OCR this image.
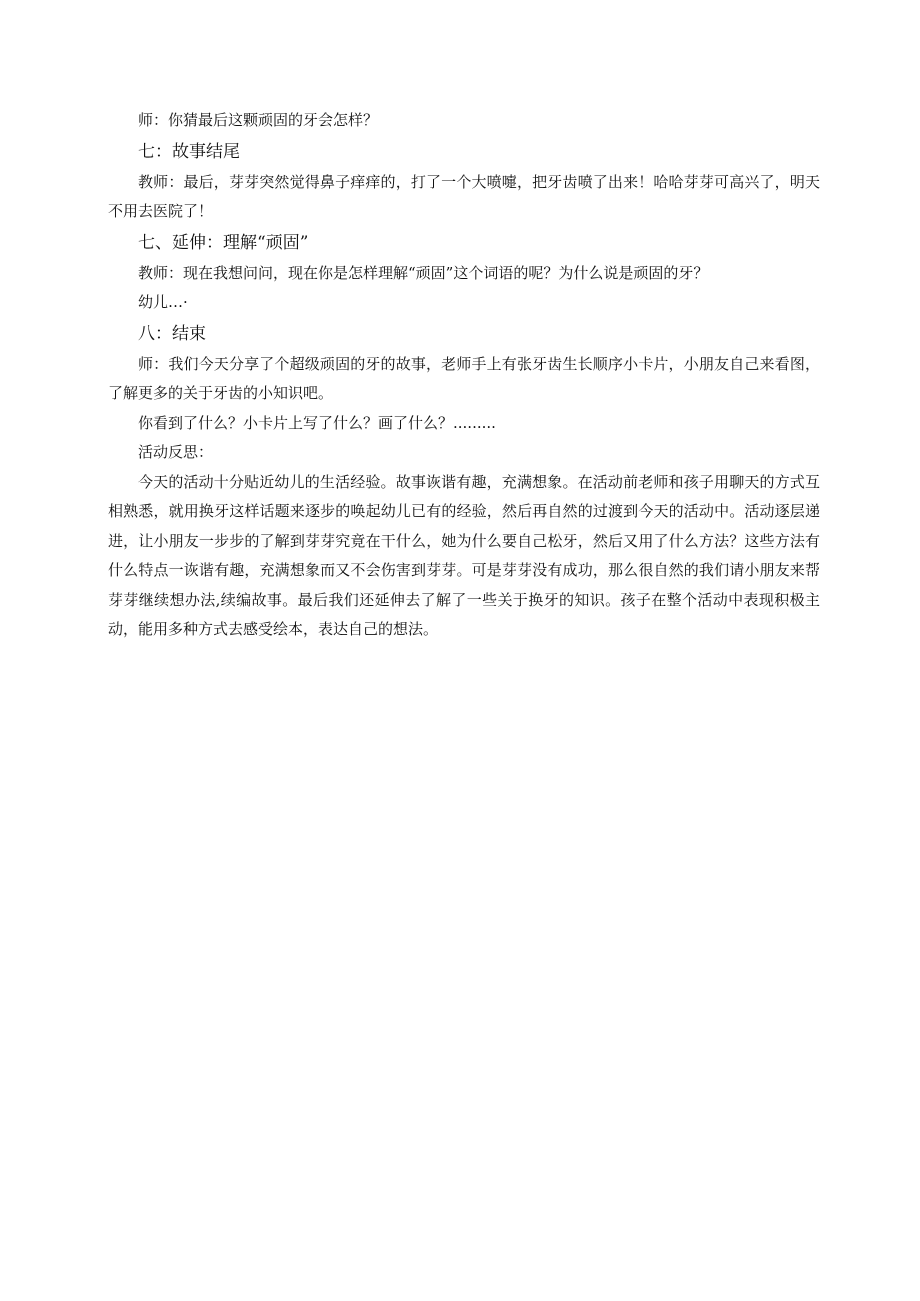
师：你猜最后这颗顽固的牙会怎样？

七：故事结尾

教师：最后，芽芽突然觉得鼻子痒痒的，打了一个大喷嚏，把牙齿喷了出来！哈哈芽芽可高兴了，明天不用去医院了！

七、延伸：理解“顽固”

教师：现在我想问问，现在你是怎样理解“顽固”这个词语的呢？为什么说是顽固的牙？

幼儿…·

八：结束

师：我们今天分享了个超级顽固的牙的故事，老师手上有张牙齿生长顺序小卡片，小朋友自己来看图，了解更多的关于牙齿的小知识吧。

你看到了什么？小卡片上写了什么？画了什么？.........

活动反思：

今天的活动十分贴近幼儿的生活经验。故事诙谐有趣，充满想象。在活动前老师和孩子用聊天的方式互相熟悉，就用换牙这样话题来逐步的唤起幼儿已有的经验，然后再自然的过渡到今天的活动中。活动逐层递进，让小朋友一步步的了解到芽芽究竟在干什么，她为什么要自己松牙，然后又用了什么方法？这些方法有什么特点一诙谐有趣，充满想象而又不会伤害到芽芽。可是芽芽没有成功，那么很自然的我们请小朋友来帮芽芽继续想办法,续编故事。最后我们还延伸去了解了一些关于换牙的知识。孩子在整个活动中表现积极主动，能用多种方式去感受绘本，表达自己的想法。
